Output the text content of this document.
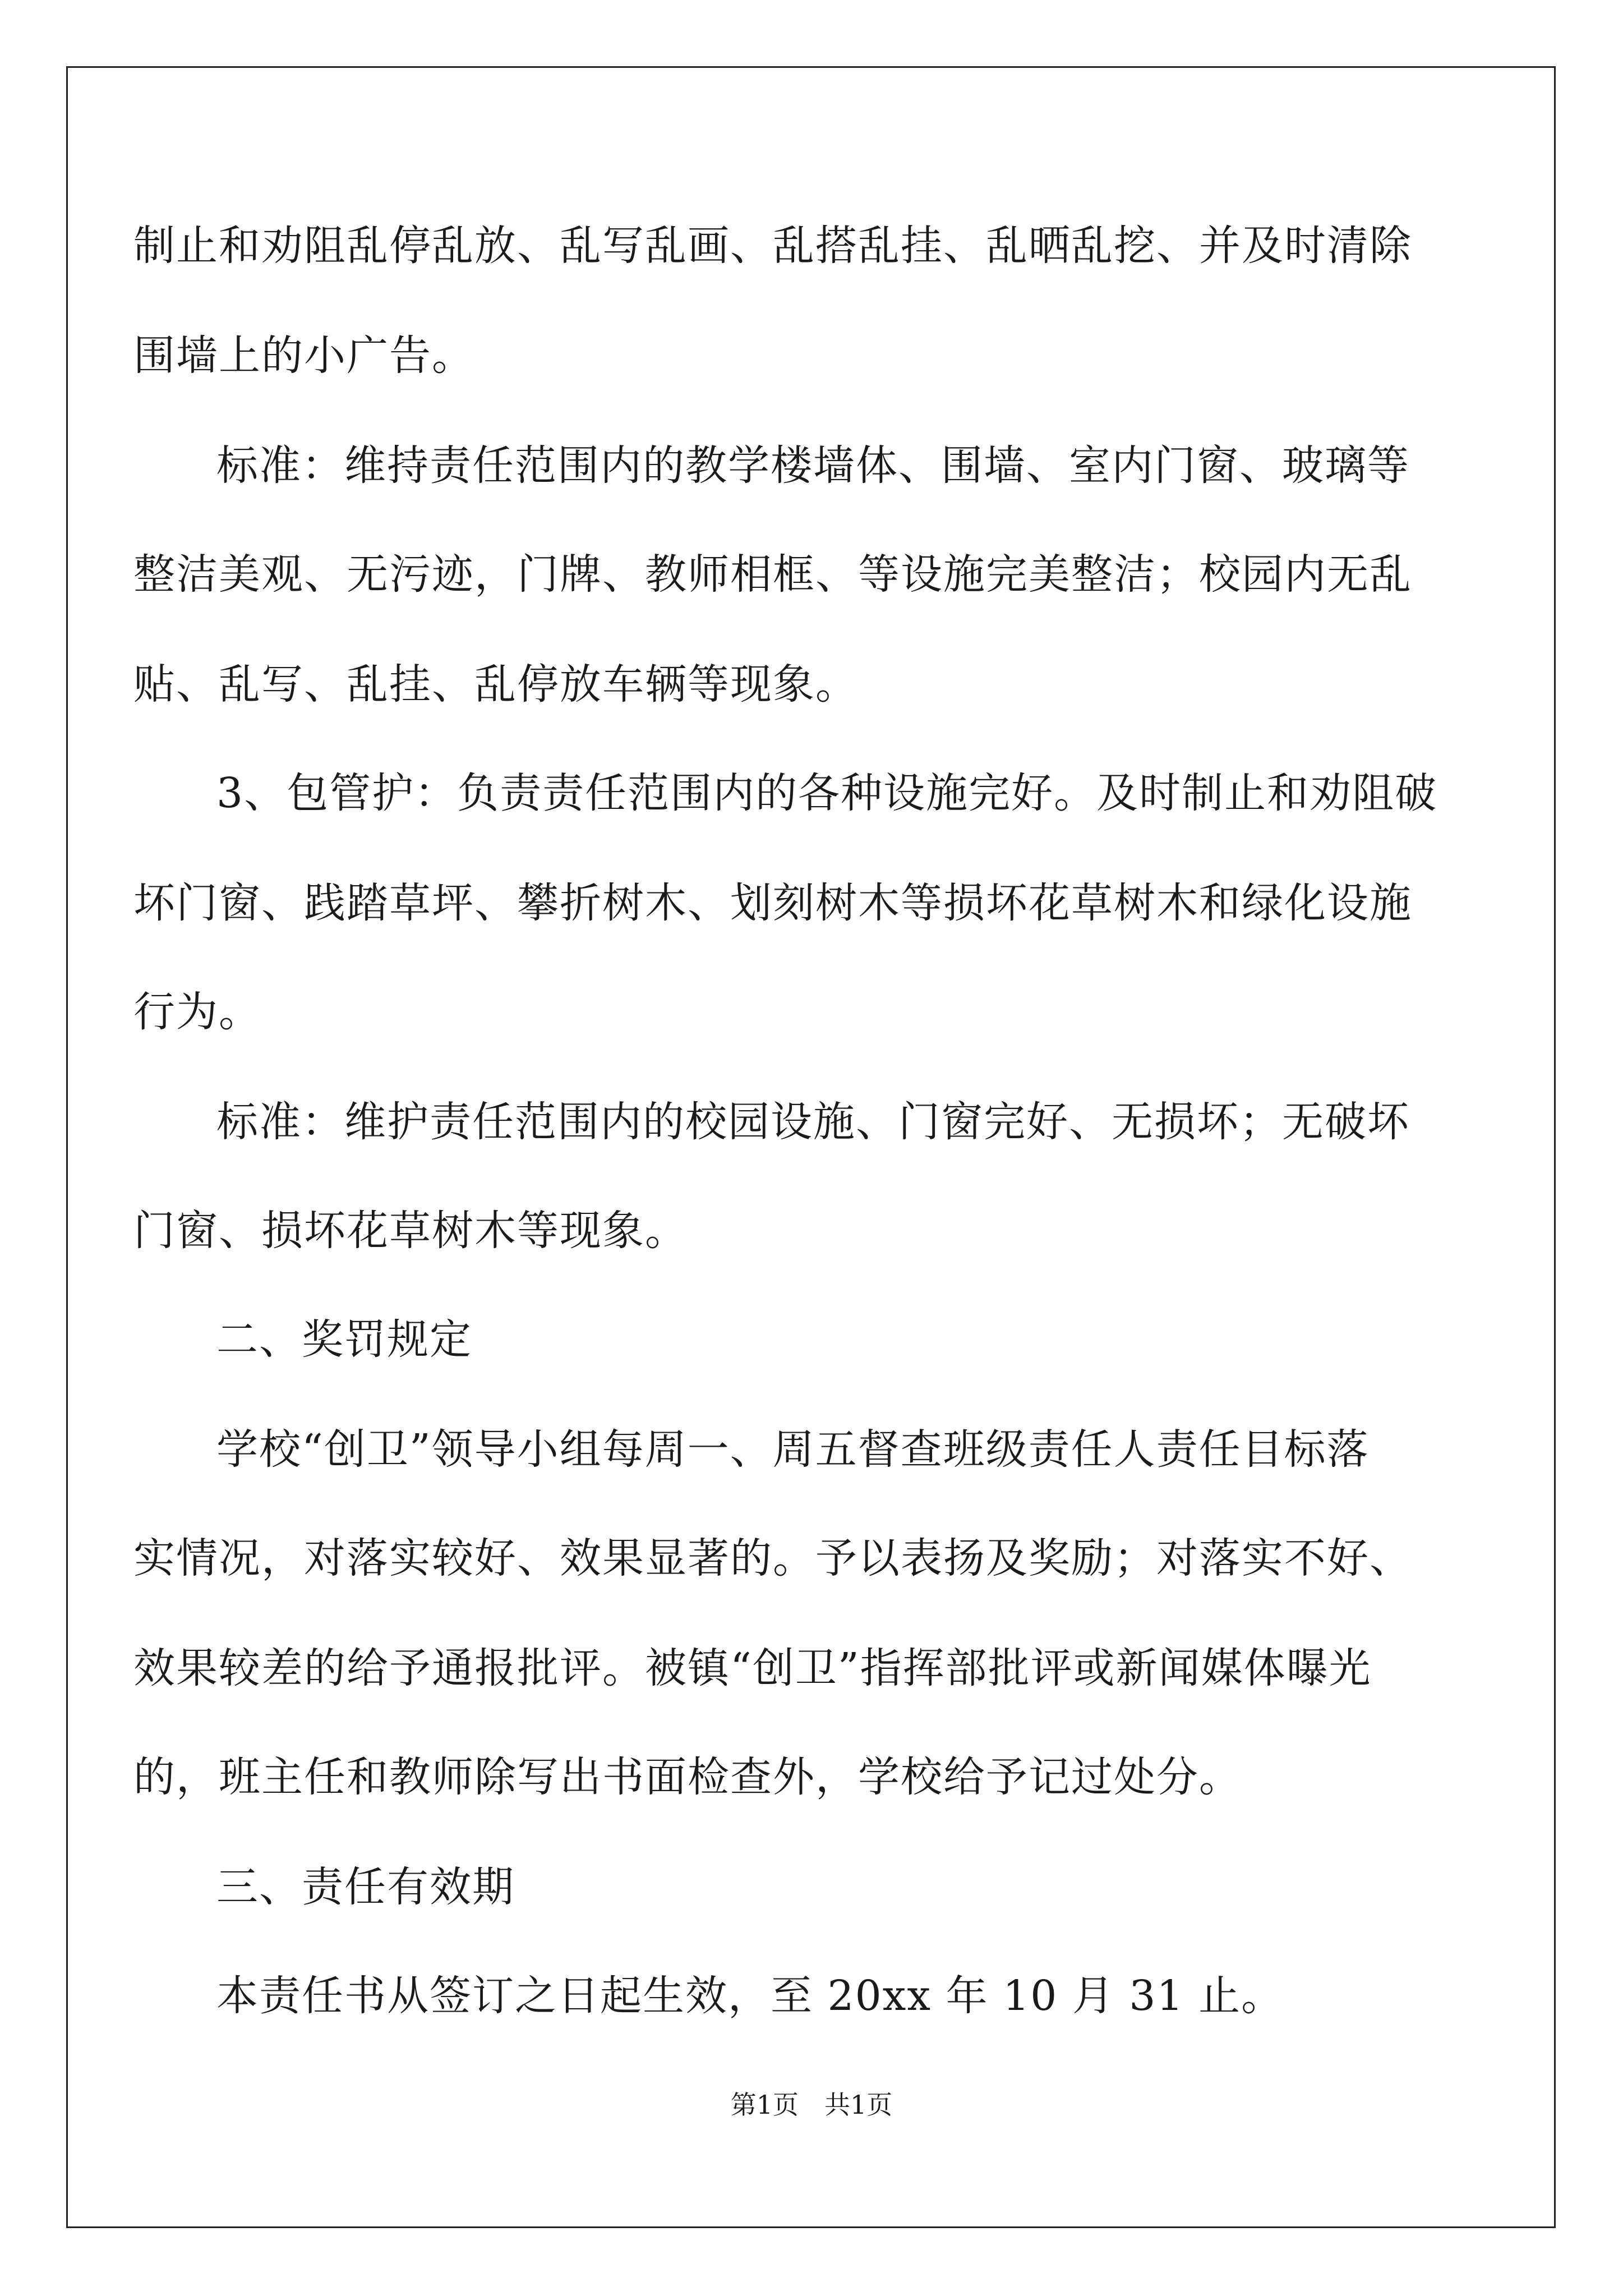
制止和劝阻乱停乱放、乱写乱画、乱搭乱挂、乱晒乱挖、并及时清除
围墙上的小广告。
标准：维持责任范围内的教学楼墙体、围墙、室内门窗、玻璃等
整洁美观、无污迹，门牌、教师相框、等设施完美整洁；校园内无乱
贴、乱写、乱挂、乱停放车辆等现象。
3、包管护：负责责任范围内的各种设施完好。及时制止和劝阻破
坏门窗、践踏草坪、攀折树木、划刻树木等损坏花草树木和绿化设施
行为。
标准：维护责任范围内的校园设施、门窗完好、无损坏；无破坏
门窗、损坏花草树木等现象。
二、奖罚规定
学校“创卫”领导小组每周一、周五督查班级责任人责任目标落
实情况，对落实较好、效果显著的。予以表扬及奖励；对落实不好、
效果较差的给予通报批评。被镇“创卫”指挥部批评或新闻媒体曝光
的，班主任和教师除写出书面检查外，学校给予记过处分。
三、责任有效期
本责任书从签订之日起生效，至 20xx 年 10 月 31 止。
第1页 共1页
